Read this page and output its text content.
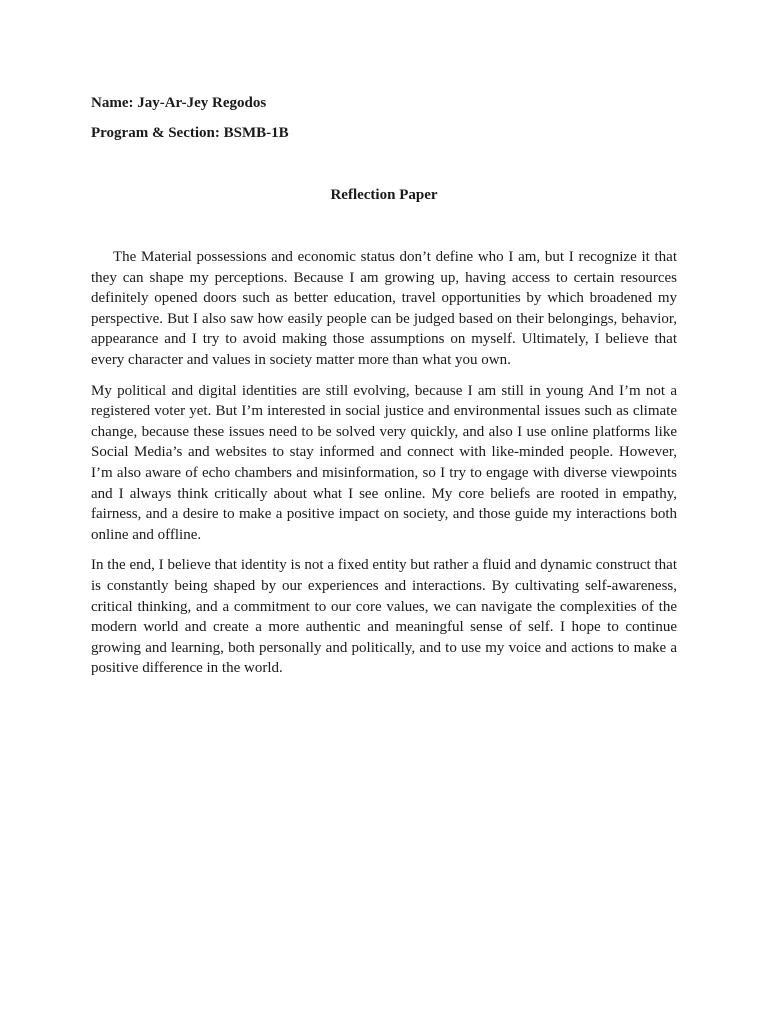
Name: Jay-Ar-Jey Regodos
Program & Section: BSMB-1B
Reflection Paper

The Material possessions and economic status don’t define who I am, but I recognize it that they can shape my perceptions. Because I am growing up, having access to certain resources definitely opened doors such as better education, travel opportunities by which broadened my perspective. But I also saw how easily people can be judged based on their belongings, behavior, appearance and I try to avoid making those assumptions on myself. Ultimately, I believe that every character and values in society matter more than what you own.

My political and digital identities are still evolving, because I am still in young And I’m not a registered voter yet. But I’m interested in social justice and environmental issues such as climate change, because these issues need to be solved very quickly, and also I use online platforms like Social Media’s and websites to stay informed and connect with like-minded people. However, I’m also aware of echo chambers and misinformation, so I try to engage with diverse viewpoints and I always think critically about what I see online. My core beliefs are rooted in empathy, fairness, and a desire to make a positive impact on society, and those guide my interactions both online and offline.

In the end, I believe that identity is not a fixed entity but rather a fluid and dynamic construct that is constantly being shaped by our experiences and interactions. By cultivating self-awareness, critical thinking, and a commitment to our core values, we can navigate the complexities of the modern world and create a more authentic and meaningful sense of self. I hope to continue growing and learning, both personally and politically, and to use my voice and actions to make a positive difference in the world.
